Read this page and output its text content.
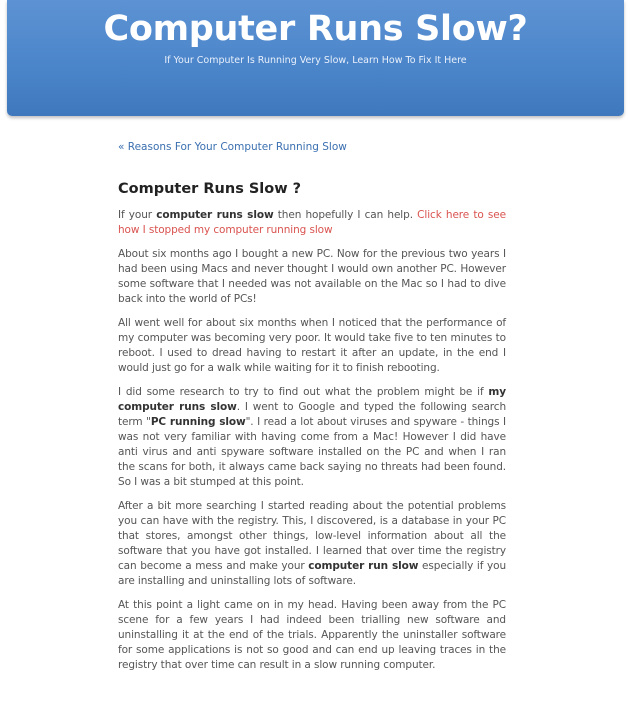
Computer Runs Slow?
If Your Computer Is Running Very Slow, Learn How To Fix It Here

« Reasons For Your Computer Running Slow

Computer Runs Slow ?

If your computer runs slow then hopefully I can help. Click here to see how I stopped my computer running slow

About six months ago I bought a new PC. Now for the previous two years I had been using Macs and never thought I would own another PC. However some software that I needed was not available on the Mac so I had to dive back into the world of PCs!

All went well for about six months when I noticed that the performance of my computer was becoming very poor. It would take five to ten minutes to reboot. I used to dread having to restart it after an update, in the end I would just go for a walk while waiting for it to finish rebooting.

I did some research to try to find out what the problem might be if my computer runs slow. I went to Google and typed the following search term "PC running slow". I read a lot about viruses and spyware - things I was not very familiar with having come from a Mac! However I did have anti virus and anti spyware software installed on the PC and when I ran the scans for both, it always came back saying no threats had been found. So I was a bit stumped at this point.

After a bit more searching I started reading about the potential problems you can have with the registry. This, I discovered, is a database in your PC that stores, amongst other things, low-level information about all the software that you have got installed. I learned that over time the registry can become a mess and make your computer run slow especially if you are installing and uninstalling lots of software.

At this point a light came on in my head. Having been away from the PC scene for a few years I had indeed been trialling new software and uninstalling it at the end of the trials. Apparently the uninstaller software for some applications is not so good and can end up leaving traces in the registry that over time can result in a slow running computer.
